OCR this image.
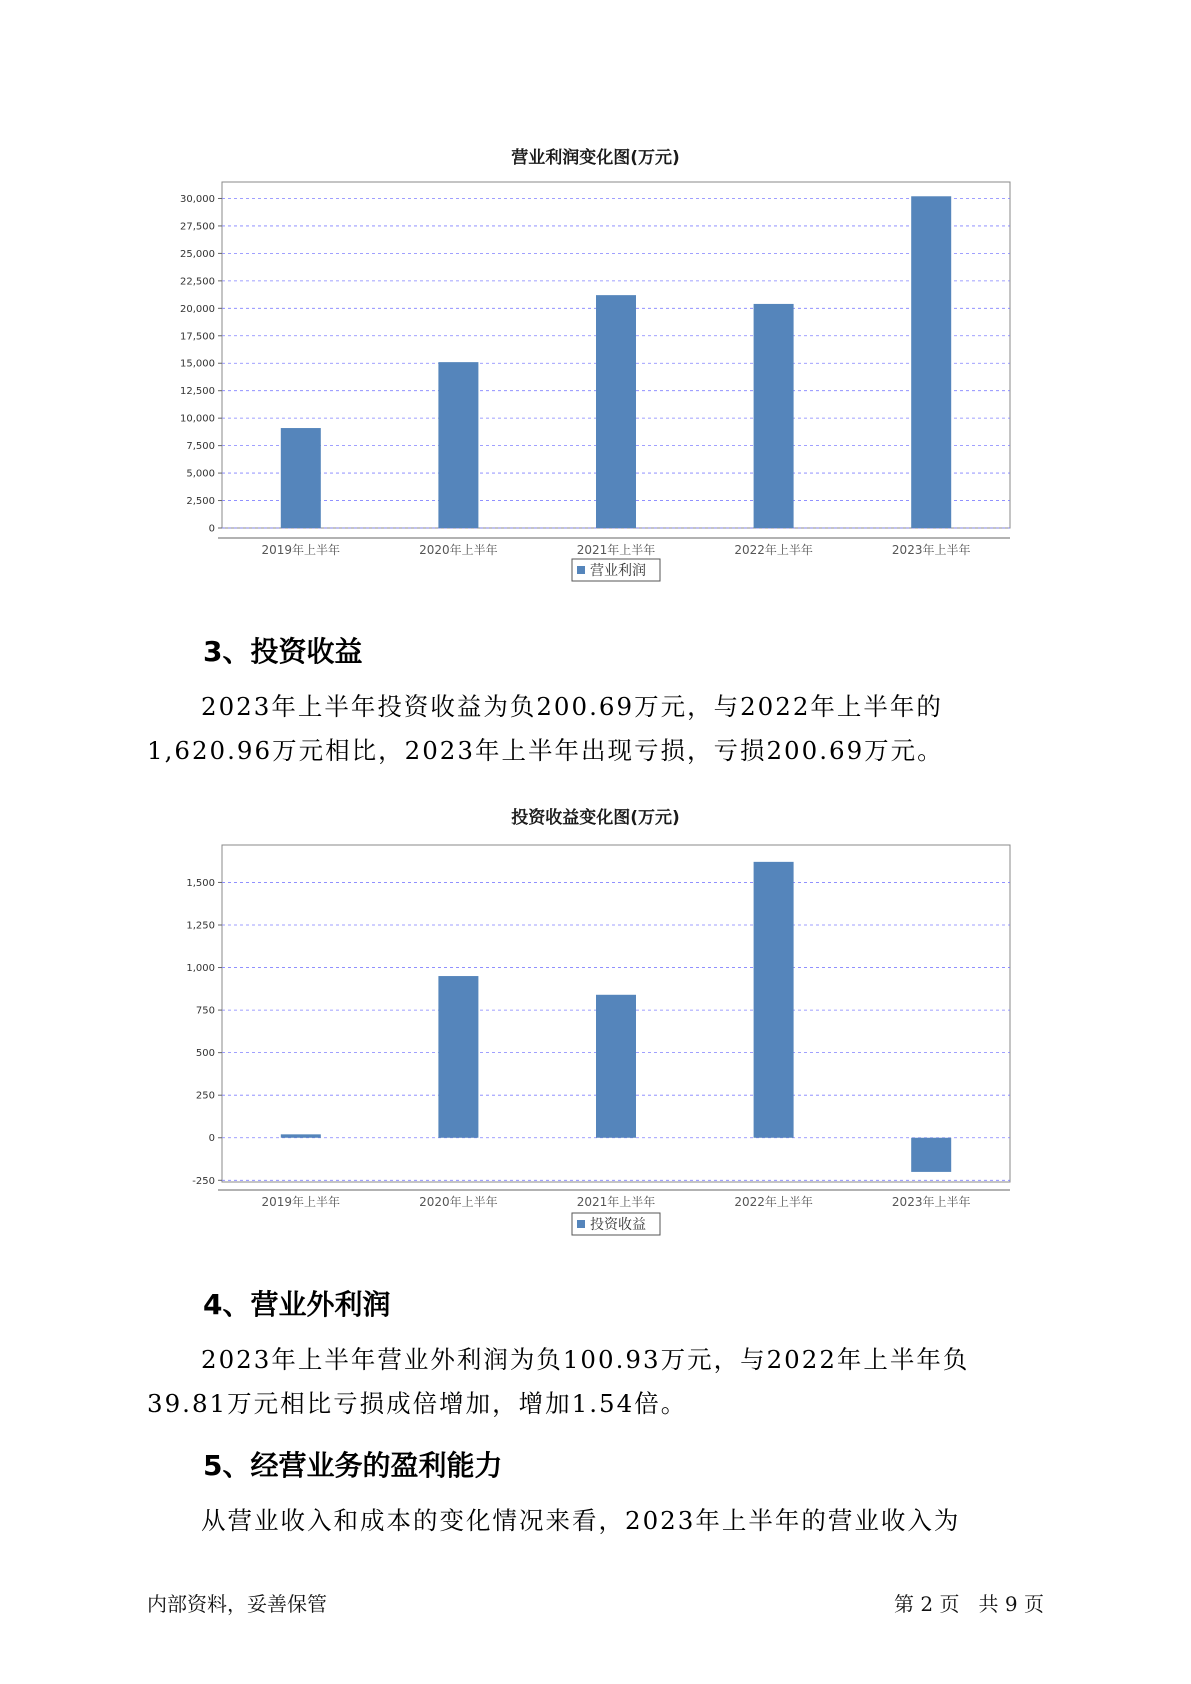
营业利润变化图(万元)
0
2,500
5,000
7,500
10,000
12,500
15,000
17,500
20,000
22,500
25,000
27,500
30,000
2019年上半年	2020年上半年	2021年上半年	2022年上半年	2023年上半年
营业利润
3、投资收益

2023年上半年投资收益为负200.69万元，与2022年上半年的1,620.96万元相比，2023年上半年出现亏损，亏损200.69万元。

投资收益变化图(万元)
-250
0
250
500
750
1,000
1,250
1,500
2019年上半年	2020年上半年	2021年上半年	2022年上半年	2023年上半年
投资收益
4、营业外利润

2023年上半年营业外利润为负100.93万元，与2022年上半年负39.81万元相比亏损成倍增加，增加1.54倍。

5、经营业务的盈利能力

从营业收入和成本的变化情况来看，2023年上半年的营业收入为

内部资料，妥善保管	第 2 页   共 9 页
